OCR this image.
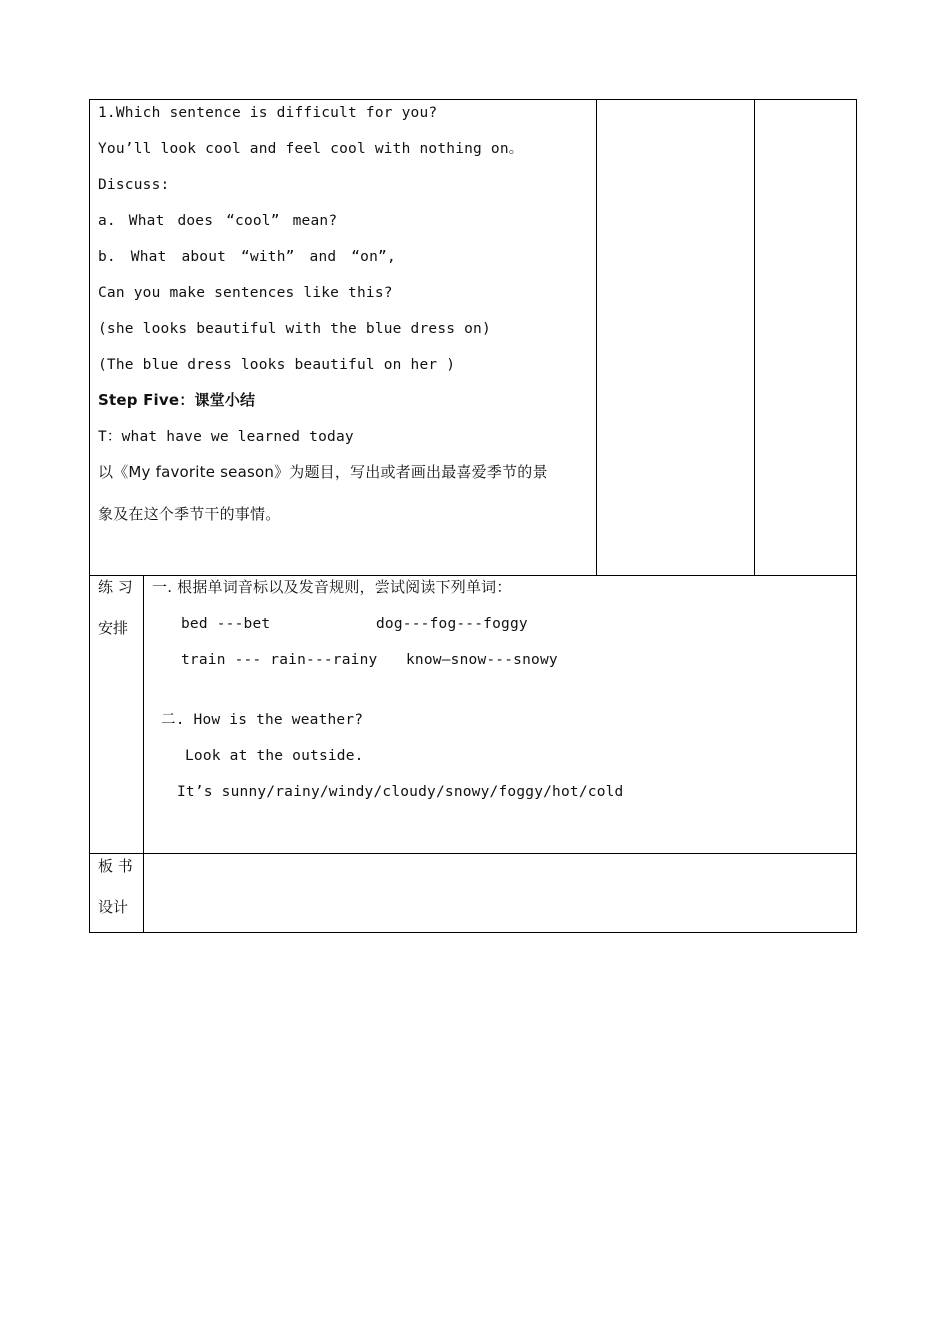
1.Which sentence is difficult for you?
You’ll look cool and feel cool with nothing on。
Discuss:
a. What does “cool” mean?
b. What about “with” and “on”,
Can you make sentences like this?
(she looks beautiful with the blue dress on)
(The blue dress looks beautiful on her )
Step Five：课堂小结
T：what have we learned today
以《My favorite season》为题目，写出或者画出最喜爱季节的景
象及在这个季节干的事情。
练 习
安排
一. 根据单词音标以及发音规则，尝试阅读下列单词：
bed ---bet	dog---fog---foggy
train --- rain---rainy know—snow---snowy
二. How is the weather?
Look at the outside.
It’s sunny/rainy/windy/cloudy/snowy/foggy/hot/cold
板 书
设计
